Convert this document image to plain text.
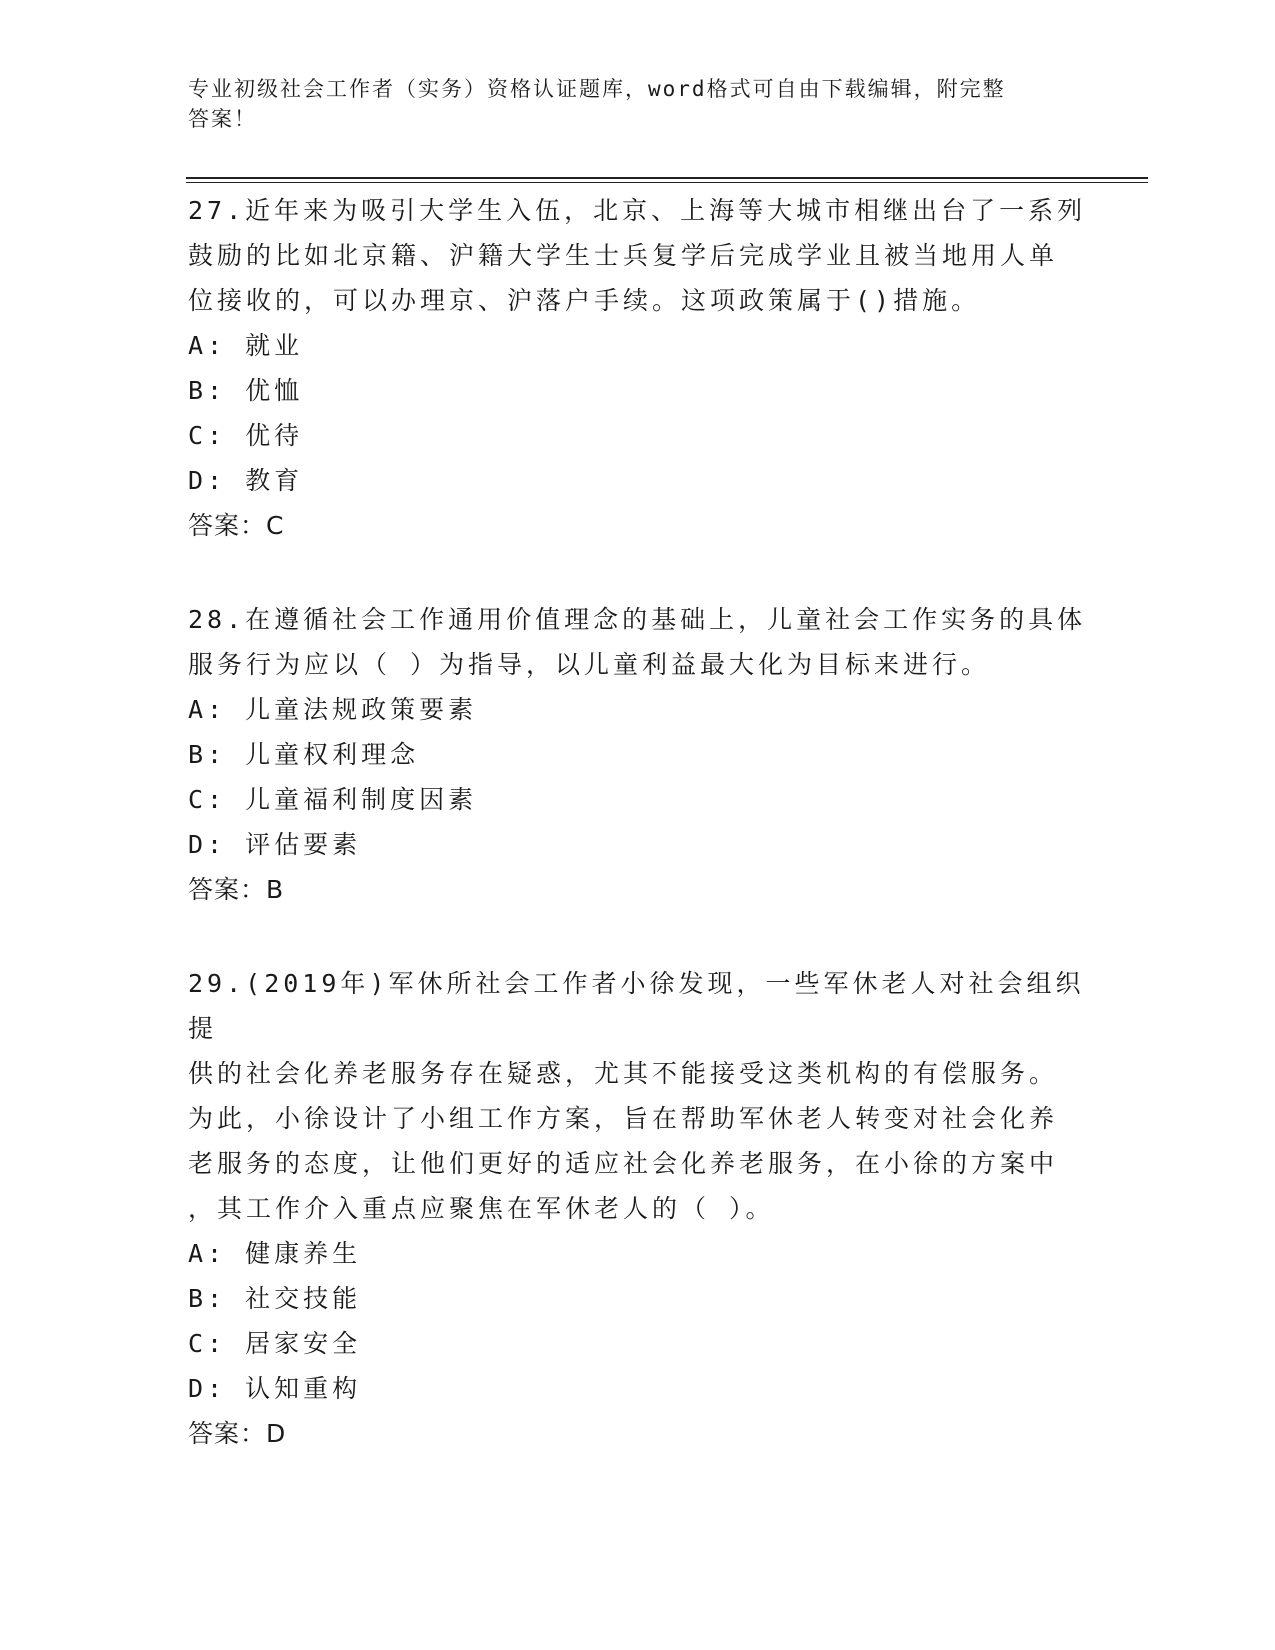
专业初级社会工作者（实务）资格认证题库，word格式可自由下载编辑，附完整
答案！
27.近年来为吸引大学生入伍，北京、上海等大城市相继出台了一系列
鼓励的比如北京籍、沪籍大学生士兵复学后完成学业且被当地用人单
位接收的，可以办理京、沪落户手续。这项政策属于()措施。
A: 就业
B: 优恤
C: 优待
D: 教育
答案：C
28.在遵循社会工作通用价值理念的基础上，儿童社会工作实务的具体
服务行为应以（ ）为指导，以儿童利益最大化为目标来进行。
A: 儿童法规政策要素
B: 儿童权利理念
C: 儿童福利制度因素
D: 评估要素
答案：B
29.(2019年)军休所社会工作者小徐发现，一些军休老人对社会组织提
供的社会化养老服务存在疑惑，尤其不能接受这类机构的有偿服务。
为此，小徐设计了小组工作方案，旨在帮助军休老人转变对社会化养
老服务的态度，让他们更好的适应社会化养老服务，在小徐的方案中
，其工作介入重点应聚焦在军休老人的（ ）。
A: 健康养生
B: 社交技能
C: 居家安全
D: 认知重构
答案：D
